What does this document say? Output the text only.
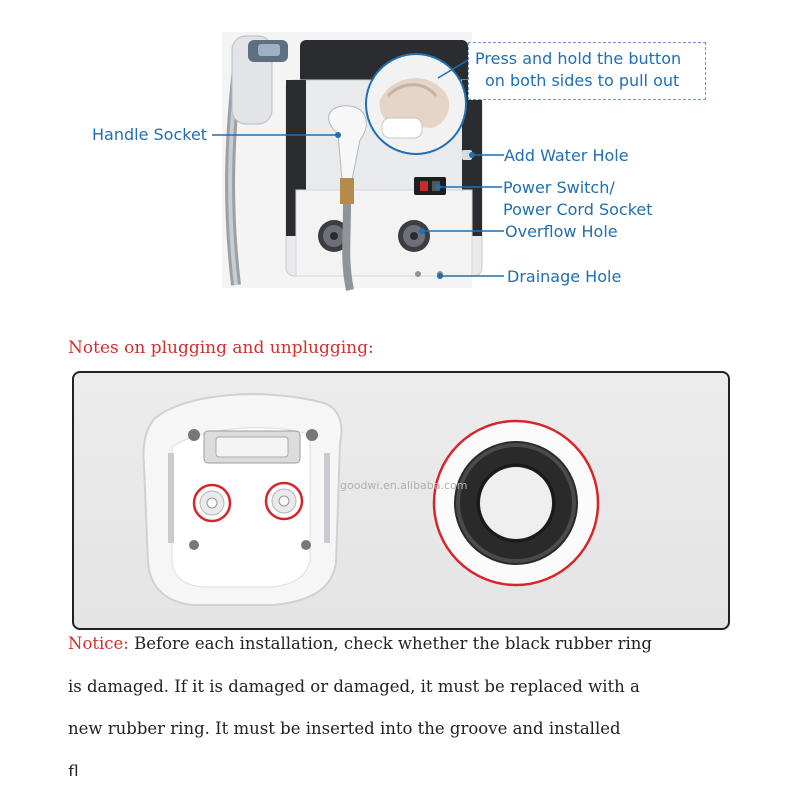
Press and hold the button
on both sides to pull out
Handle Socket
Add Water Hole
Power Switch/
Power Cord Socket
Overflow Hole
Drainage Hole
Notes on plugging and unplugging:
goodwi.en.alibaba.com
Notice: Before each installation, check whether the black rubber ring
is damaged. If it is damaged or damaged, it must be replaced with a
new rubber ring. It must be inserted into the groove and installed
fl
